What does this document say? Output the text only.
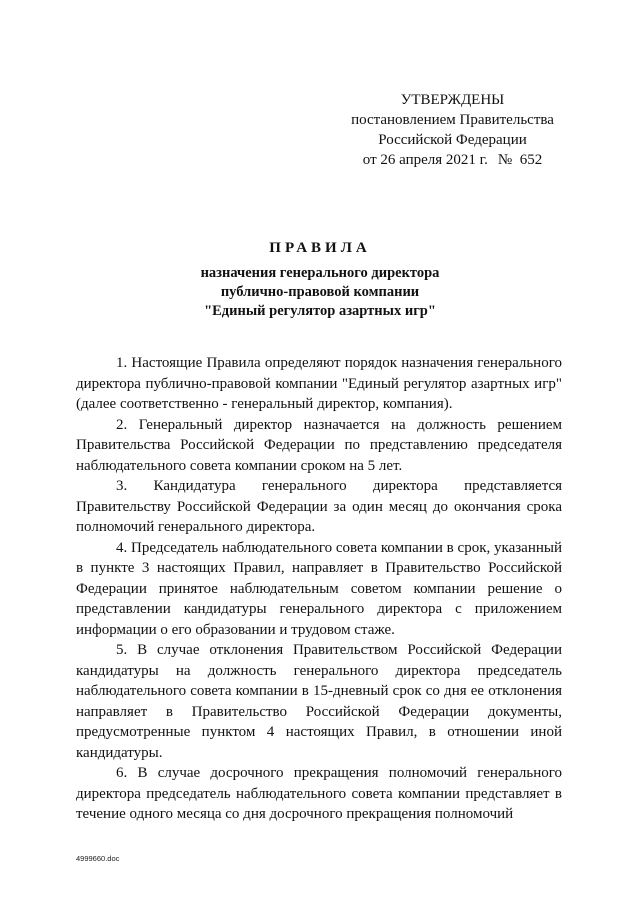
УТВЕРЖДЕНЫ
постановлением Правительства
Российской Федерации
от 26 апреля 2021 г. № 652
ПРАВИЛА
назначения генерального директора
публично-правовой компании
"Единый регулятор азартных игр"

1. Настоящие Правила определяют порядок назначения генерального директора публично-правовой компании "Единый регулятор азартных игр" (далее соответственно - генеральный директор, компания).

2. Генеральный директор назначается на должность решением Правительства Российской Федерации по представлению председателя наблюдательного совета компании сроком на 5 лет.

3. Кандидатура генерального директора представляется Правительству Российской Федерации за один месяц до окончания срока полномочий генерального директора.

4. Председатель наблюдательного совета компании в срок, указанный в пункте 3 настоящих Правил, направляет в Правительство Российской Федерации принятое наблюдательным советом компании решение о представлении кандидатуры генерального директора с приложением информации о его образовании и трудовом стаже.

5. В случае отклонения Правительством Российской Федерации кандидатуры на должность генерального директора председатель наблюдательного совета компании в 15-дневный срок со дня ее отклонения направляет в Правительство Российской Федерации документы, предусмотренные пунктом 4 настоящих Правил, в отношении иной кандидатуры.

6. В случае досрочного прекращения полномочий генерального директора председатель наблюдательного совета компании представляет в течение одного месяца со дня досрочного прекращения полномочий

4999660.doc
